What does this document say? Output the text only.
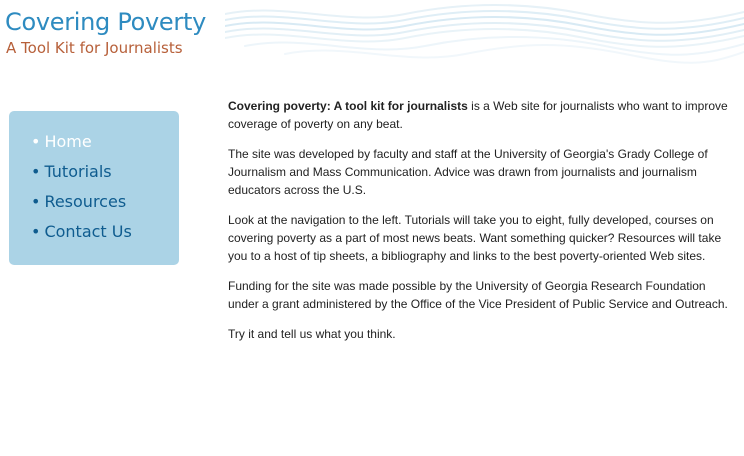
Covering Poverty
A Tool Kit for Journalists
• Home
• Tutorials
• Resources
• Contact Us

Covering poverty: A tool kit for journalists is a Web site for journalists who want to improve coverage of poverty on any beat.

The site was developed by faculty and staff at the University of Georgia's Grady College of Journalism and Mass Communication. Advice was drawn from journalists and journalism educators across the U.S.

Look at the navigation to the left. Tutorials will take you to eight, fully developed, courses on covering poverty as a part of most news beats. Want something quicker? Resources will take you to a host of tip sheets, a bibliography and links to the best poverty-oriented Web sites.

Funding for the site was made possible by the University of Georgia Research Foundation under a grant administered by the Office of the Vice President of Public Service and Outreach.

Try it and tell us what you think.
